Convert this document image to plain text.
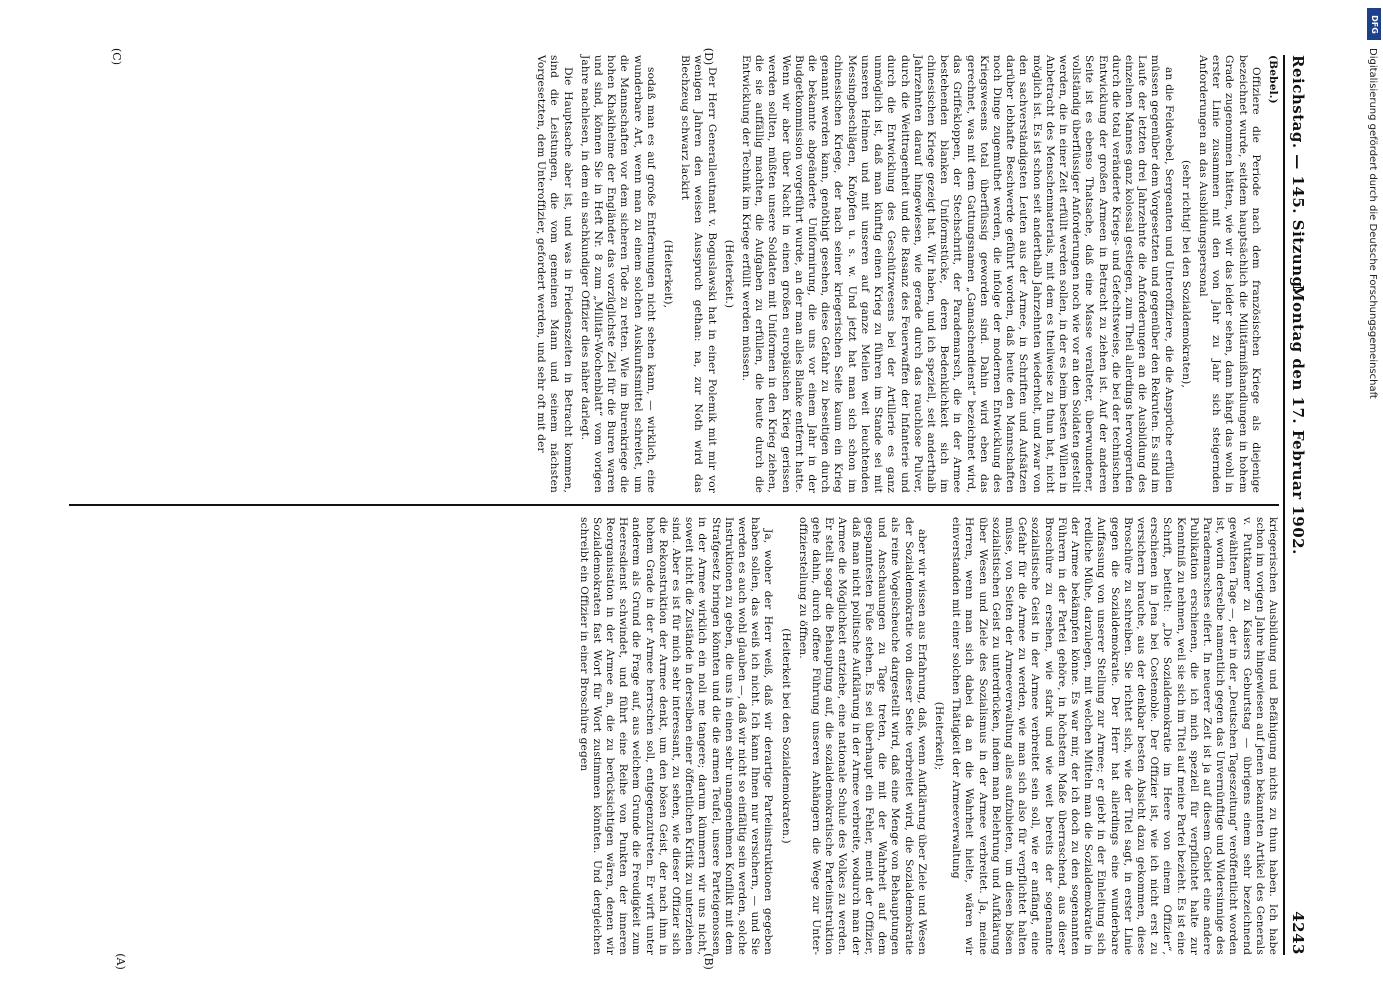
Reichstag. — 145. Sitzung.
Montag den 17. Februar 1902.
4243

(Bebel.)

Offiziere die Periode nach dem französischen Kriege als diejenige bezeichnet wurde, seitdem hauptsächlich die Militärmißhandlungen in hohem Grade zugenommen hätten, wie wir das leider sehen, dann hängt das wohl in erster Linie zusammen mit den von Jahr zu Jahr sich steigernden Anforderungen an das Ausbildungspersonal

(sehr richtig! bei den Sozialdemokraten),

an die Feldwebel, Sergeanten und Unteroffiziere, die die Ansprüche erfüllen müssen gegenüber dem Vorgesetzten und gegenüber den Rekruten. Es sind im Laufe der letzten drei Jahrzehnte die Anforderungen an die Ausbildung des einzelnen Mannes ganz kolossal gestiegen, zum Theil allerdings hervorgerufen durch die total veränderte Kriegs- und Gefechtsweise, die bei der technischen Entwicklung der großen Armeen in Betracht zu ziehen ist. Auf der anderen Seite ist es ebenso Thatsache, daß eine Masse veralteter, überwundener, vollständig überflüssiger Anforderungen noch wie vor an den Soldaten gestellt werden, die in einer Zeit erfüllt werden sollen, in der es beim besten Willen in Anbetracht des Menschenmaterials, mit dem es theilweise zu thun hat, nicht möglich ist. Es ist schon seit anderthalb Jahrzehnten wiederholt, und zwar von den sachverständigsten Leuten aus der Armee, in Schriften und Aufsätzen darüber lebhafte Beschwerde geführt worden, daß heute den Mannschaften noch Dinge zugemuthet werden, die infolge der modernen Entwicklung des Kriegswesens total überflüssig geworden sind. Dahin wird eben das gerechnet, was mit dem Gattungsnamen „Gamaschendienst“ bezeichnet wird, das Griffekloppen, der Stechschritt, der Parademarsch, die in der Armee bestehenden blanken Uniformstücke, deren Bedenklichkeit sich im chinesischen Kriege gezeigt hat. Wir haben, und ich speziell, seit anderthalb Jahrzehnten darauf hingewiesen, wie gerade durch das rauchlose Pulver, durch die Weittragenheit und die Rasanz des Feuerwaffen der Infanterie und durch die Entwicklung des Geschützwesens bei der Artillerie es ganz unmöglich ist, daß man künftig einen Krieg zu führen im Stande sei mit unseren Helmen und mit unseren auf ganze Meilen weit leuchtenden Messingbeschlägen, Knöpfen u. s. w. Und jetzt hat man sich schon im chinesischen Kriege, der nach seiner kriegerischen Seite kaum ein Krieg genannt werden kann, genöthigt gesehen, diese Gefahr zu beseitigen durch die bekannte abgeänderte Uniformirung, die uns vor einem Jahr in der Budgetkommission vorgeführt wurde, an der man alles Blanke entfernt hatte. Wenn wir aber über Nacht in einen großen europäischen Krieg gerissen werden sollten, müßten unsere Soldaten mit Uniformen in den Krieg ziehen, die sie auffällig machten, die Aufgaben zu erfüllen, die heute durch die Entwicklung der Technik im Kriege erfüllt werden müssen.

(Heiterkeit.)

Der Herr Generalleutnant v. Boguslawski hat in einer Polemik mit mir vor wenigen Jahren den weisen Ausspruch gethan: na, zur Noth wird das Blechzeug schwarz lackirt

(Heiterkeit),

sodaß man es auf große Entfernungen nicht sehen kann, — wirklich, eine wunderbare Art, wenn man zu einem solchen Auskunftsmittel schreitet, um die Mannschaften vor dem sicheren Tode zu retten. Wie im Burenkriege die hohen Khakihelme der Engländer das vorzüglichste Ziel für die Buren waren und sind, können Sie in Heft Nr. 8 zum „Militär-Wochenblatt“ vom vorigen Jahre nachlesen, in dem ein sachkundiger Offizier dies näher darlegt.

Die Hauptsache aber ist, und was in Friedenszeiten in Betracht kommen, sind die Leistungen, die vom gemeinen Mann und seinem nächsten Vorgesetzten, dem Unteroffizier, gefordert werden, und sehr oft mit der

kriegerischen Ausbildung und Befähigung nichts zu thun haben. Ich habe schon im vorigen Jahre hingewiesen auf jenen bekannten Artikel des Generals v. Puttkamer zu Kaisers Geburtstag — übrigens einem sehr bezeichnend gewählten Tage —, der in der „Deutschen Tageszeitung“ veröffentlicht worden ist, worin derselbe namentlich gegen das Unvernünftige und Widersinnige des Parademarsches eifert. In neuerer Zeit ist ja auf diesem Gebiet eine andere Publikation erschienen, die ich mich speziell für verpflichtet halte zur Kenntniß zu nehmen, weil sie sich im Titel auf meine Partei bezieht. Es ist eine Schrift, betitelt: „Die Sozialdemokratie im Heere von einem Offizier“, erschienen in Jena bei Costenoble. Der Offizier ist, wie ich nicht erst zu versichern brauche, aus der denkbar besten Absicht dazu gekommen, diese Broschüre zu schreiben. Sie richtet sich, wie der Titel sagt, in erster Linie gegen die Sozialdemokratie. Der Herr hat allerdings eine wunderbare Auffassung von unserer Stellung zur Armee; er giebt in der Einleitung sich redliche Mühe, darzulegen, mit welchen Mitteln man die Sozialdemokratie in der Armee bekämpfen könne. Es war mir, der ich doch zu den sogenannten Führern in der Partei gehöre, in höchstem Maße überraschend, aus dieser Broschüre zu ersehen, wie stark und wie weit bereits der sogenannte sozialistische Geist in der Armee verbreitet sein soll, wie er anfängt, eine Gefahr für die Armee zu werden, wie man sich also für verpflichtet halten müsse, von Seiten der Armeeverwaltung alles aufzubieten, um diesen bösen sozialistischen Geist zu unterdrücken, indem man Belehrung und Aufklärung über Wesen und Ziele des Sozialismus in der Armee verbreitet. Ja, meine Herren, wenn man sich dabei da an die Wahrheit hielte, wären wir einverstanden mit einer solchen Thätigkeit der Armeeverwaltung

(Heiterkeit);

aber wir wissen aus Erfahrung, daß, wenn Aufklärung über Ziele und Wesen der Sozialdemokratie von dieser Seite verbreitet wird, die Sozialdemokratie als reine Vogelscheuche dargestellt wird, daß eine Menge von Behauptungen und Anschauungen zu Tage treten, die mit der Wahrheit auf dem gespanntesten Fuße stehen. Es sei überhaupt ein Fehler, meint der Offizier, daß man nicht politische Aufklärung in der Armee verbreite, wodurch man der Armee die Möglichkeit entziehe, eine nationale Schule des Volkes zu werden. Er stellt sogar die Behauptung auf, die sozialdemokratische Parteiinstruktion gehe dahin, durch offene Führung unseren Anhängern die Wege zur Unteroffizierstellung zu öffnen.

(Heiterkeit bei den Sozialdemokraten.)

Ja, woher der Herr weiß, daß wir derartige Parteiinstruktionen gegeben haben sollen, das weiß ich nicht. Ich kann Ihnen nur versichern, — und Sie werden es auch wohl glauben —, daß wir nicht so einfältig sein werden, solche Instruktionen zu geben, die uns in einen sehr unangenehmen Konflikt mit dem Strafgesetz bringen könnten und die die armen Teufel, unsere Parteigenossen in der Armee wirklich ein noli me tangere; darum kümmern wir uns nicht, soweit nicht die Zustände in derselben einer öffentlichen Kritik zu unterziehen sind. Aber es ist für mich sehr interessant, zu sehen, wie dieser Offizier sich die Rekonstruktion der Armee denkt, um den bösen Geist, der nach ihm in hohem Grade in der Armee herrschen soll, entgegenzutreten. Er wirft unter anderem als Grund die Frage auf, aus welchem Grunde die Freudigkeit zum Heeresdienst schwindet, und führt eine Reihe von Punkten der inneren Reorganisation in der Armee an, die zu berücksichtigen wären, denen wir Sozialdemokraten fast Wort für Wort zustimmen könnten. Und dergleichen schreibt ein Offizier in einer Broschüre gegen

(A)	(B)
(C)	(D)
DFG
Digitalisierung gefördert durch die Deutsche Forschungsgemeinschaft
